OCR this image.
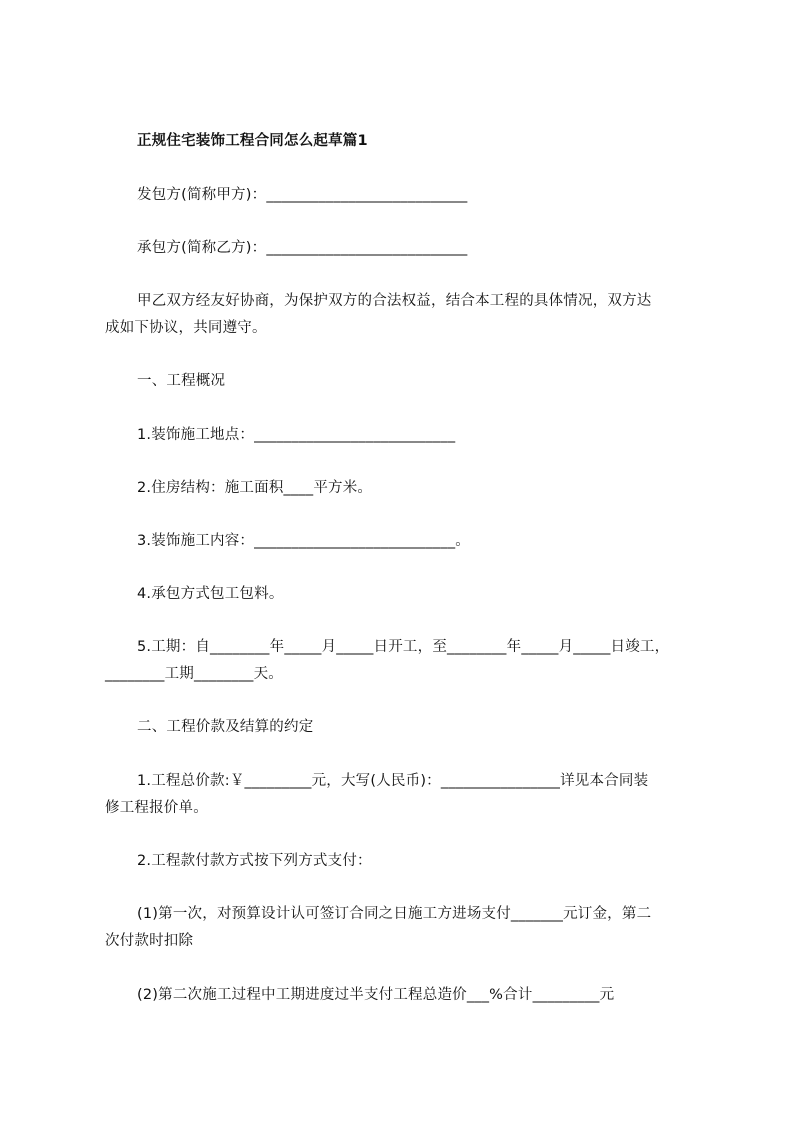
正规住宅装饰工程合同怎么起草篇1
发包方(简称甲方)：___________________________
承包方(简称乙方)：___________________________
甲乙双方经友好协商，为保护双方的合法权益，结合本工程的具体情况，双方达
成如下协议，共同遵守。
一、工程概况
1.装饰施工地点：___________________________
2.住房结构：施工面积____平方米。
3.装饰施工内容：___________________________。
4.承包方式包工包料。
5.工期：自________年_____月_____日开工，至________年_____月_____日竣工，
________工期________天。
二、工程价款及结算的约定
1.工程总价款:￥_________元，大写(人民币)：________________详见本合同装
修工程报价单。
2.工程款付款方式按下列方式支付：
(1)第一次，对预算设计认可签订合同之日施工方进场支付_______元订金，第二
次付款时扣除
(2)第二次施工过程中工期进度过半支付工程总造价___%合计_________元
